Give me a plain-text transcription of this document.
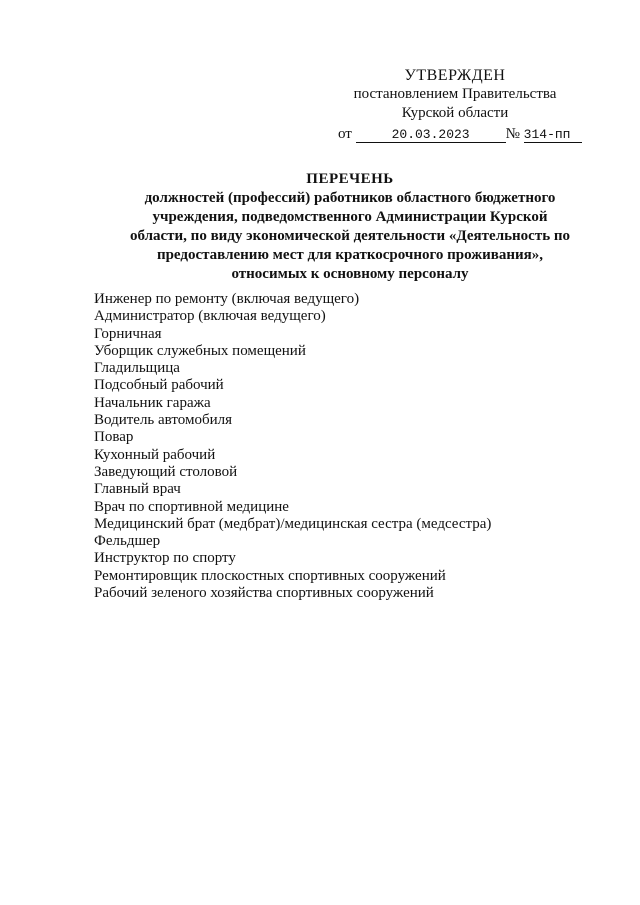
УТВЕРЖДЕН
постановлением Правительства
Курской области
от	20.03.2023 № 314-пп
ПЕРЕЧЕНЬ
должностей (профессий) работников областного бюджетного
учреждения, подведомственного Администрации Курской
области, по виду экономической деятельности «Деятельность по
предоставлению мест для краткосрочного проживания»,
относимых к основному персоналу
Инженер по ремонту (включая ведущего)
Администратор (включая ведущего)
Горничная
Уборщик служебных помещений
Гладильщица
Подсобный рабочий
Начальник гаража
Водитель автомобиля
Повар
Кухонный рабочий
Заведующий столовой
Главный врач
Врач по спортивной медицине
Медицинский брат (медбрат)/медицинская сестра (медсестра)
Фельдшер
Инструктор по спорту
Ремонтировщик плоскостных спортивных сооружений
Рабочий зеленого хозяйства спортивных сооружений
